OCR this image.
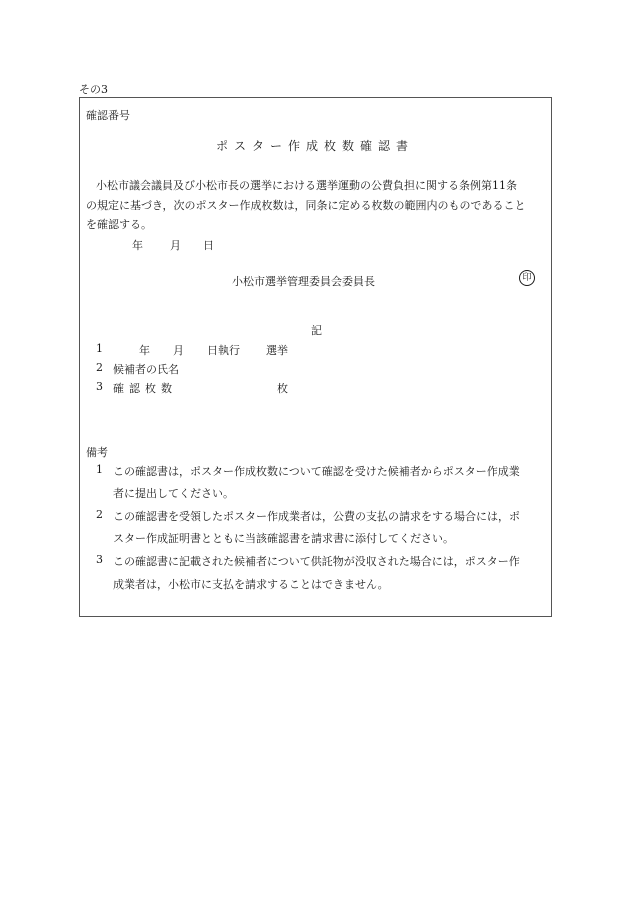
その3
確認番号
ポスター作成枚数確認書
小松市議会議員及び小松市長の選挙における選挙運動の公費負担に関する条例第11条
の規定に基づき，次のポスター作成枚数は，同条に定める枚数の範囲内のものであること
を確認する。
年 月 日
小松市選挙管理委員会委員長	印
記
1	年 月 日執行 選挙
2 候補者の氏名
3 確認枚数	枚
備考
1 この確認書は，ポスター作成枚数について確認を受けた候補者からポスター作成業
者に提出してください。
2 この確認書を受領したポスター作成業者は，公費の支払の請求をする場合には，ポ
スター作成証明書とともに当該確認書を請求書に添付してください。
3 この確認書に記載された候補者について供託物が没収された場合には，ポスター作
成業者は，小松市に支払を請求することはできません。
